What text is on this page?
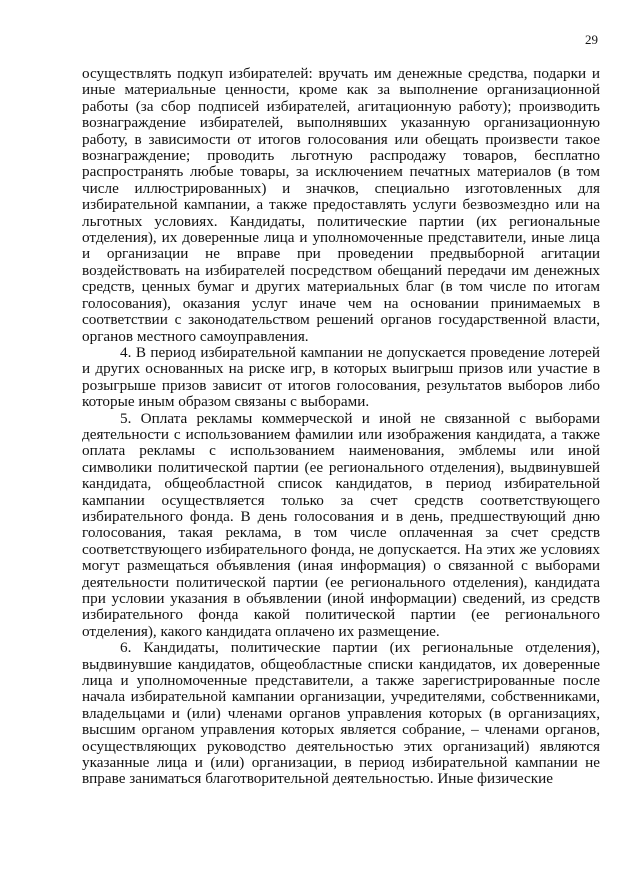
29

осуществлять подкуп избирателей: вручать им денежные средства, подарки и иные материальные ценности, кроме как за выполнение организационной работы (за сбор подписей избирателей, агитационную работу); производить вознаграждение избирателей, выполнявших указанную организационную работу, в зависимости от итогов голосования или обещать произвести такое вознаграждение; проводить льготную распродажу товаров, бесплатно распространять любые товары, за исключением печатных материалов (в том числе иллюстрированных) и значков, специально изготовленных для избирательной кампании, а также предоставлять услуги безвозмездно или на льготных условиях. Кандидаты, политические партии (их региональные отделения), их доверенные лица и уполномоченные представители, иные лица и организации не вправе при проведении предвыборной агитации воздействовать на избирателей посредством обещаний передачи им денежных средств, ценных бумаг и других материальных благ (в том числе по итогам голосования), оказания услуг иначе чем на основании принимаемых в соответствии с законодательством решений органов государственной власти, органов местного самоуправления.

4. В период избирательной кампании не допускается проведение лотерей и других основанных на риске игр, в которых выигрыш призов или участие в розыгрыше призов зависит от итогов голосования, результатов выборов либо которые иным образом связаны с выборами.

5. Оплата рекламы коммерческой и иной не связанной с выборами деятельности с использованием фамилии или изображения кандидата, а также оплата рекламы с использованием наименования, эмблемы или иной символики политической партии (ее регионального отделения), выдвинувшей кандидата, общеобластной список кандидатов, в период избирательной кампании осуществляется только за счет средств соответствующего избирательного фонда. В день голосования и в день, предшествующий дню голосования, такая реклама, в том числе оплаченная за счет средств соответствующего избирательного фонда, не допускается. На этих же условиях могут размещаться объявления (иная информация) о связанной с выборами деятельности политической партии (ее регионального отделения), кандидата при условии указания в объявлении (иной информации) сведений, из средств избирательного фонда какой политической партии (ее регионального отделения), какого кандидата оплачено их размещение.

6. Кандидаты, политические партии (их региональные отделения), выдвинувшие кандидатов, общеобластные списки кандидатов, их доверенные лица и уполномоченные представители, а также зарегистрированные после начала избирательной кампании организации, учредителями, собственниками, владельцами и (или) членами органов управления которых (в организациях, высшим органом управления которых является собрание, – членами органов, осуществляющих руководство деятельностью этих организаций) являются указанные лица и (или) организации, в период избирательной кампании не вправе заниматься благотворительной деятельностью. Иные физические
